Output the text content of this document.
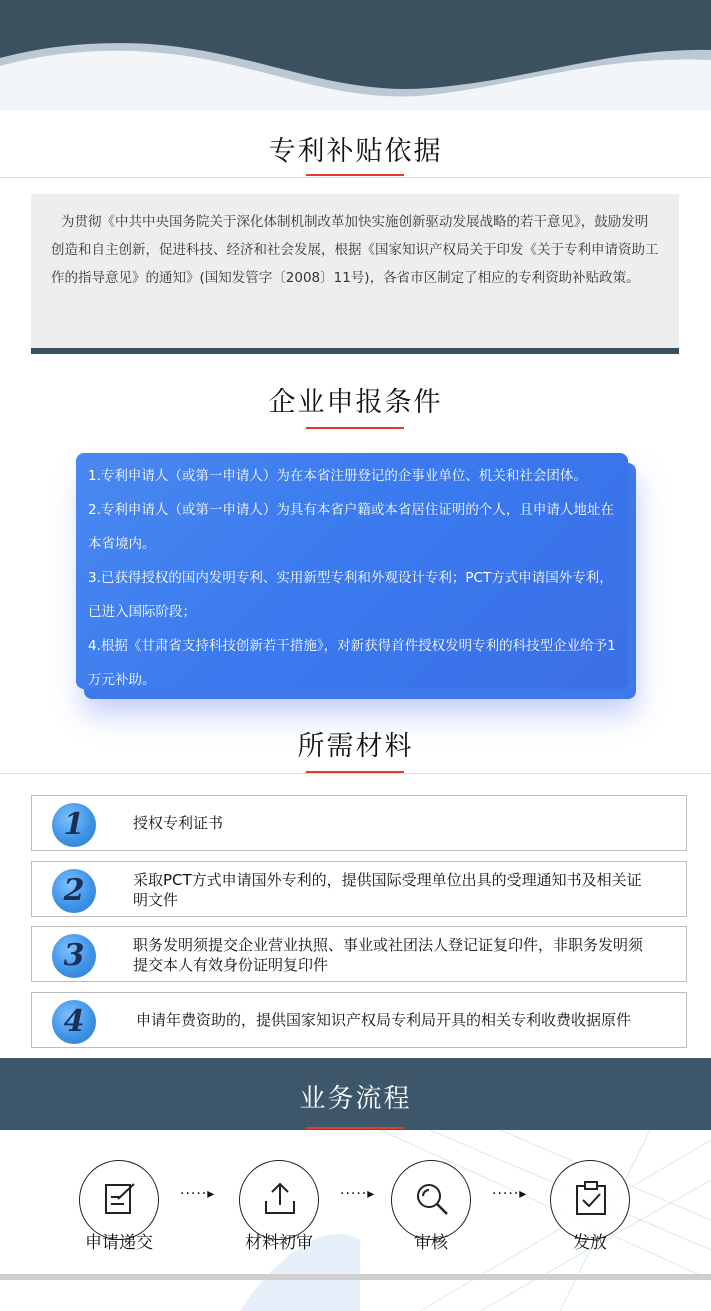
专利补贴依据
为贯彻《中共中央国务院关于深化体制机制改革加快实施创新驱动发展战略的若干意见》，鼓励发明创造和自主创新，促进科技、经济和社会发展，根据《国家知识产权局关于印发《关于专利申请资助工作的指导意见》的通知》(国知发管字〔2008〕11号)，各省市区制定了相应的专利资助补贴政策。
企业申报条件

1.专利申请人（或第一申请人）为在本省注册登记的企事业单位、机关和社会团体。

2.专利申请人（或第一申请人）为具有本省户籍或本省居住证明的个人，且申请人地址在本省境内。

3.已获得授权的国内发明专利、实用新型专利和外观设计专利；PCT方式申请国外专利，已进入国际阶段；

4.根据《甘肃省支持科技创新若干措施》，对新获得首件授权发明专利的科技型企业给予1万元补助。

所需材料
1	授权专利证书
2	采取PCT方式申请国外专利的，提供国际受理单位出具的受理通知书及相关证明文件
3	职务发明须提交企业营业执照、事业或社团法人登记证复印件，非职务发明须提交本人有效身份证明复印件
4	申请年费资助的，提供国家知识产权局专利局开具的相关专利收费收据原件
业务流程
申请递交
·····▸
材料初审
·····▸
审核
·····▸
发放
